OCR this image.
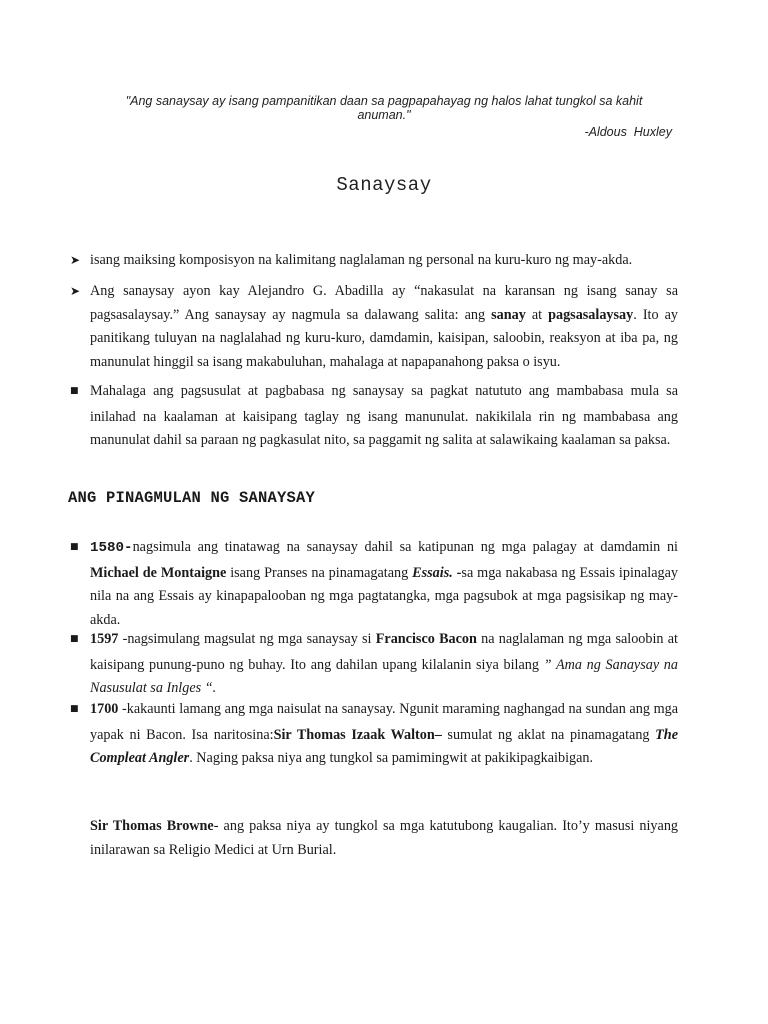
"Ang sanaysay ay isang pampanitikan daan sa pagpapahayag ng halos lahat tungkol sa kahit anuman."
-Aldous  Huxley
Sanaysay
➤ isang maiksing komposisyon na kalimitang naglalaman ng personal na kuru-kuro ng may-akda.
➤ Ang sanaysay ayon kay Alejandro G. Abadilla ay “nakasulat na karansan ng isang sanay sa pagsasalaysay.” Ang sanaysay ay nagmula sa dalawang salita: ang sanay at pagsasalaysay. Ito ay panitikang tuluyan na naglalahad ng kuru-kuro, damdamin, kaisipan, saloobin, reaksyon at iba pa, ng manunulat hinggil sa isang makabuluhan, mahalaga at napapanahong paksa o isyu.
■ Mahalaga ang pagsusulat at pagbabasa ng sanaysay sa pagkat natututo ang mambabasa mula sa inilahad na kaalaman at kaisipang taglay ng isang manunulat. nakikilala rin ng mambabasa ang manunulat dahil sa paraan ng pagkasulat nito, sa paggamit ng salita at salawikaing kaalaman sa paksa.
ANG PINAGMULAN NG SANAYSAY
■ 1580-nagsimula ang tinatawag na sanaysay dahil sa katipunan ng mga palagay at damdamin ni Michael de Montaigne isang Pranses na pinamagatang Essais. -sa mga nakabasa ng Essais ipinalagay nila na ang Essais ay kinapapalooban ng mga pagtatangka, mga pagsubok at mga pagsisikap ng may-akda.
■ 1597 -nagsimulang magsulat ng mga sanaysay si Francisco Bacon na naglalaman ng mga saloobin at kaisipang punung-puno ng buhay. Ito ang dahilan upang kilalanin siya bilang ” Ama ng Sanaysay na Nasusulat sa Inlges “.
■ 1700 -kakaunti lamang ang mga naisulat na sanaysay. Ngunit maraming naghangad na sundan ang mga yapak ni Bacon. Isa naritosina:Sir Thomas Izaak Walton– sumulat ng aklat na pinamagatang The Compleat Angler. Naging paksa niya ang tungkol sa pamimingwit at pakikipagkaibigan.
Sir Thomas Browne- ang paksa niya ay tungkol sa mga katutubong kaugalian. Ito’y masusi niyang inilarawan sa Religio Medici at Urn Burial.
